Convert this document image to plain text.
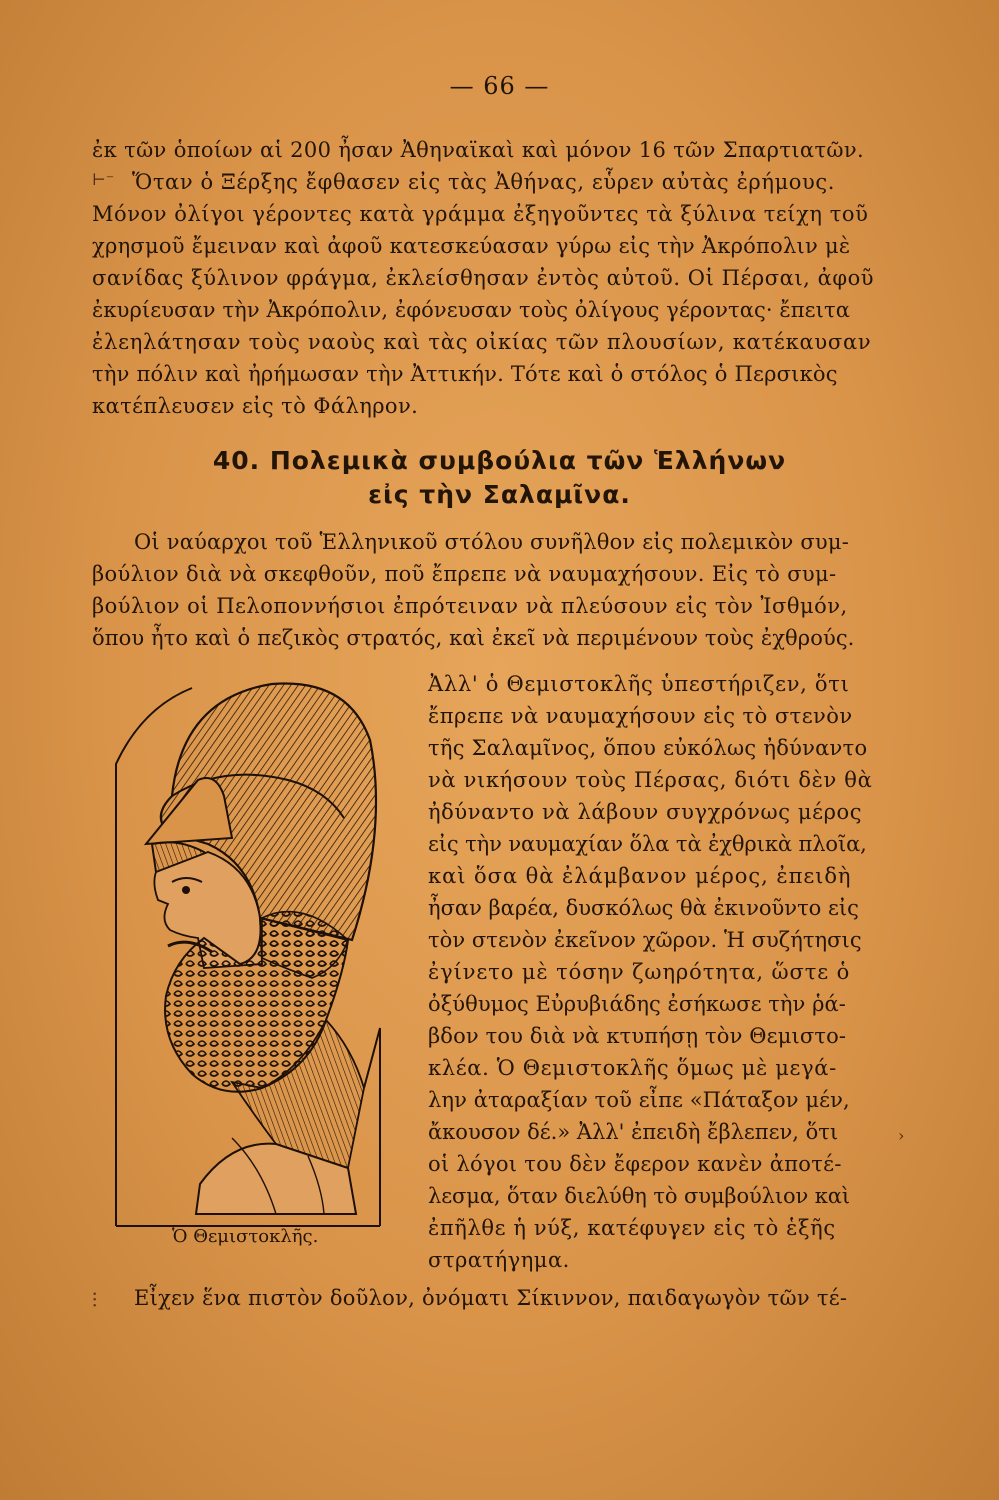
— 66 —
ἐκ τῶν ὁποίων αἱ 200 ἦσαν Ἀθηναϊκαὶ καὶ μόνον 16 τῶν Σπαρτιατῶν.
⊢⁻ Ὅταν ὁ Ξέρξης ἔφθασεν εἰς τὰς Ἀθήνας, εὗρεν αὐτὰς ἐρήμους.
Μόνον ὀλίγοι γέροντες κατὰ γράμμα ἐξηγοῦντες τὰ ξύλινα τείχη τοῦ
χρησμοῦ ἔμειναν καὶ ἀφοῦ κατεσκεύασαν γύρω εἰς τὴν Ἀκρόπολιν μὲ
σανίδας ξύλινον φράγμα, ἐκλείσθησαν ἐντὸς αὐτοῦ. Οἱ Πέρσαι, ἀφοῦ
ἐκυρίευσαν τὴν Ἀκρόπολιν, ἐφόνευσαν τοὺς ὀλίγους γέροντας· ἔπειτα
ἐλεηλάτησαν τοὺς ναοὺς καὶ τὰς οἰκίας τῶν πλουσίων, κατέκαυσαν
τὴν πόλιν καὶ ἠρήμωσαν τὴν Ἀττικήν. Τότε καὶ ὁ στόλος ὁ Περσικὸς
κατέπλευσεν εἰς τὸ Φάληρον.
40. Πολεμικὰ συμβούλια τῶν Ἑλλήνων
εἰς τὴν Σαλαμῖνα.
Οἱ ναύαρχοι τοῦ Ἑλληνικοῦ στόλου συνῆλθον εἰς πολεμικὸν συμ-
βούλιον διὰ νὰ σκεφθοῦν, ποῦ ἔπρεπε νὰ ναυμαχήσουν. Εἰς τὸ συμ-
βούλιον οἱ Πελοποννήσιοι ἐπρότειναν νὰ πλεύσουν εἰς τὸν Ἰσθμόν,
ὅπου ἦτο καὶ ὁ πεζικὸς στρατός, καὶ ἐκεῖ νὰ περιμένουν τοὺς ἐχθρούς.
Ἀλλ' ὁ Θεμιστοκλῆς ὑπεστήριζεν, ὅτι
ἔπρεπε νὰ ναυμαχήσουν εἰς τὸ στενὸν
τῆς Σαλαμῖνος, ὅπου εὐκόλως ἠδύναντο
νὰ νικήσουν τοὺς Πέρσας, διότι δὲν θὰ
ἠδύναντο νὰ λάβουν συγχρόνως μέρος
εἰς τὴν ναυμαχίαν ὅλα τὰ ἐχθρικὰ πλοῖα,
καὶ ὅσα θὰ ἐλάμβανον μέρος, ἐπειδὴ
ἦσαν βαρέα, δυσκόλως θὰ ἐκινοῦντο εἰς
τὸν στενὸν ἐκεῖνον χῶρον. Ἡ συζήτησις
ἐγίνετο μὲ τόσην ζωηρότητα, ὥστε ὁ
ὀξύθυμος Εὐρυβιάδης ἐσήκωσε τὴν ῥά-
βδον του διὰ νὰ κτυπήσῃ τὸν Θεμιστο-
κλέα. Ὁ Θεμιστοκλῆς ὅμως μὲ μεγά-
λην ἀταραξίαν τοῦ εἶπε «Πάταξον μέν,
ἄκουσον δέ.» Ἀλλ' ἐπειδὴ ἔβλεπεν, ὅτι	›
οἱ λόγοι του δὲν ἔφερον κανὲν ἀποτέ-
λεσμα, ὅταν διελύθη τὸ συμβούλιον καὶ
ἐπῆλθε ἡ νύξ, κατέφυγεν εἰς τὸ ἑξῆς
στρατήγημα.
⫶ Εἶχεν ἕνα πιστὸν δοῦλον, ὀνόματι Σίκιννον, παιδαγωγὸν τῶν τέ-
Ὁ Θεμιστοκλῆς.
